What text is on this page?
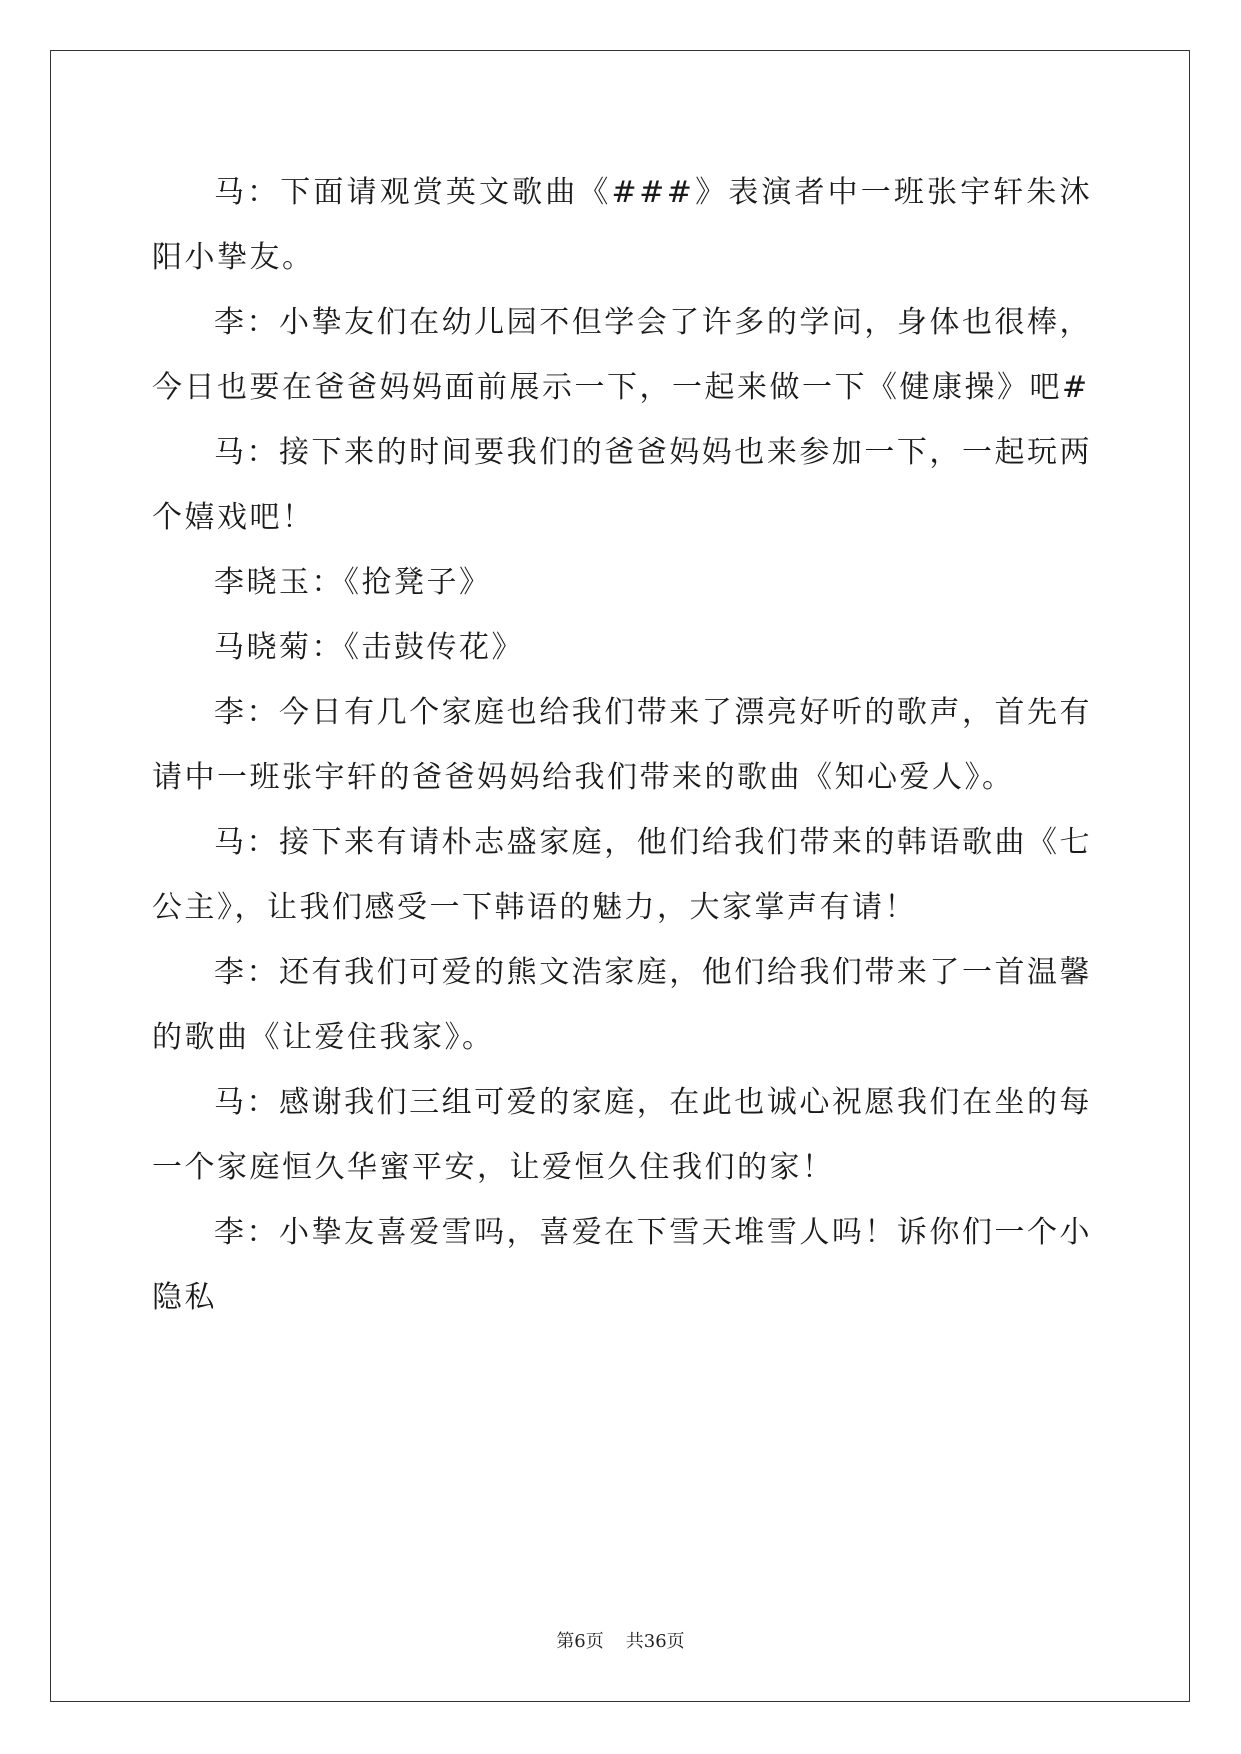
马：下面请观赏英文歌曲《###》表演者中一班张宇轩朱沐阳小挚友。

李：小挚友们在幼儿园不但学会了许多的学问，身体也很棒，今日也要在爸爸妈妈面前展示一下，一起来做一下《健康操》吧#

马：接下来的时间要我们的爸爸妈妈也来参加一下，一起玩两个嬉戏吧！

李晓玉：《抢凳子》

马晓菊：《击鼓传花》

李：今日有几个家庭也给我们带来了漂亮好听的歌声，首先有请中一班张宇轩的爸爸妈妈给我们带来的歌曲《知心爱人》。

马：接下来有请朴志盛家庭，他们给我们带来的韩语歌曲《七公主》，让我们感受一下韩语的魅力，大家掌声有请！

李：还有我们可爱的熊文浩家庭，他们给我们带来了一首温馨的歌曲《让爱住我家》。

马：感谢我们三组可爱的家庭，在此也诚心祝愿我们在坐的每一个家庭恒久华蜜平安，让爱恒久住我们的家！

李：小挚友喜爱雪吗，喜爱在下雪天堆雪人吗！诉你们一个小隐私

第6页 共36页
